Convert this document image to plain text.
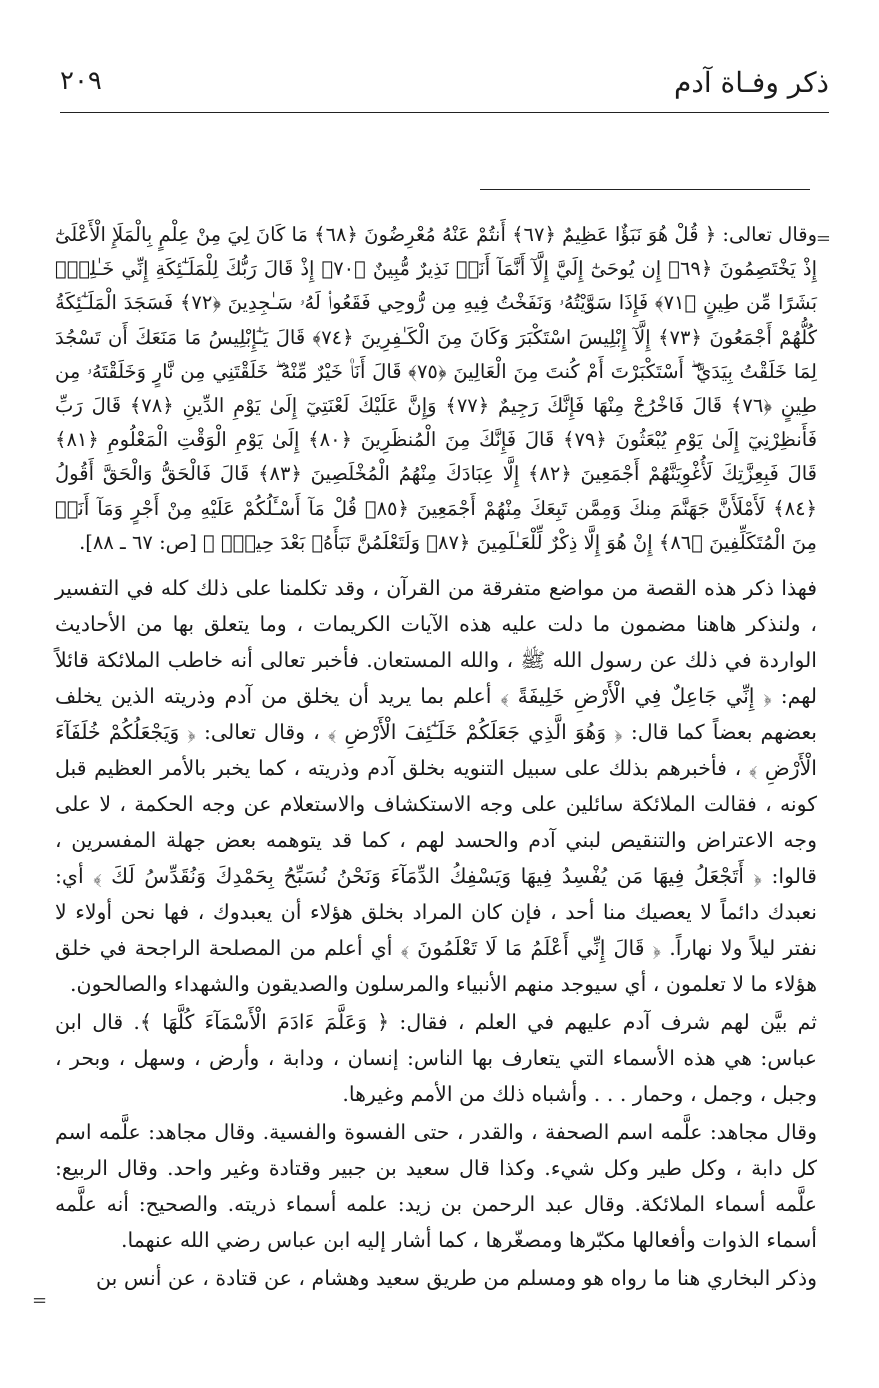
ذكر وفـاة آدم
٢٠٩
=
=

وقال تعالى: ﴿ قُلْ هُوَ نَبَؤٌا عَظِيمٌ ﴿٦٧﴾ أَنتُمْ عَنْهُ مُعْرِضُونَ ﴿٦٨﴾ مَا كَانَ لِيَ مِنْ عِلْمٍ بِالْمَلَإِ الْأَعْلَىٰٓ إِذْ يَخْتَصِمُونَ ﴿٦٩﴾ إِن يُوحَىٰٓ إِلَيَّ إِلَّآ أَنَّمَآ أَنَا۠ نَذِيرٌ مُّبِينٌ ﴿٧٠﴾ إِذْ قَالَ رَبُّكَ لِلْمَلَـٰٓئِكَةِ إِنِّي خَـٰلِقٌۢ بَشَرًا مِّن طِينٍ ﴿٧١﴾ فَإِذَا سَوَّيْتُهُۥ وَنَفَخْتُ فِيهِ مِن رُّوحِي فَقَعُوا۟ لَهُۥ سَـٰجِدِينَ ﴿٧٢﴾ فَسَجَدَ الْمَلَـٰٓئِكَةُ كُلُّهُمْ أَجْمَعُونَ ﴿٧٣﴾ إِلَّآ إِبْلِيسَ اسْتَكْبَرَ وَكَانَ مِنَ الْكَـٰفِرِينَ ﴿٧٤﴾ قَالَ يَـٰٓإِبْلِيسُ مَا مَنَعَكَ أَن تَسْجُدَ لِمَا خَلَقْتُ بِيَدَيَّ ۖ أَسْتَكْبَرْتَ أَمْ كُنتَ مِنَ الْعَالِينَ ﴿٧٥﴾ قَالَ أَنَا۠ خَيْرٌ مِّنْهُ ۖ خَلَقْتَنِي مِن نَّارٍ وَخَلَقْتَهُۥ مِن طِينٍ ﴿٧٦﴾ قَالَ فَاخْرُجْ مِنْهَا فَإِنَّكَ رَجِيمٌ ﴿٧٧﴾ وَإِنَّ عَلَيْكَ لَعْنَتِيٓ إِلَىٰ يَوْمِ الدِّينِ ﴿٧٨﴾ قَالَ رَبِّ فَأَنظِرْنِيٓ إِلَىٰ يَوْمِ يُبْعَثُونَ ﴿٧٩﴾ قَالَ فَإِنَّكَ مِنَ الْمُنظَرِينَ ﴿٨٠﴾ إِلَىٰ يَوْمِ الْوَقْتِ الْمَعْلُومِ ﴿٨١﴾ قَالَ فَبِعِزَّتِكَ لَأُغْوِيَنَّهُمْ أَجْمَعِينَ ﴿٨٢﴾ إِلَّا عِبَادَكَ مِنْهُمُ الْمُخْلَصِينَ ﴿٨٣﴾ قَالَ فَالْحَقُّ وَالْحَقَّ أَقُولُ ﴿٨٤﴾ لَأَمْلَأَنَّ جَهَنَّمَ مِنكَ وَمِمَّن تَبِعَكَ مِنْهُمْ أَجْمَعِينَ ﴿٨٥﴾ قُلْ مَآ أَسْـَٔلُكُمْ عَلَيْهِ مِنْ أَجْرٍ وَمَآ أَنَا۠ مِنَ الْمُتَكَلِّفِينَ ﴿٨٦﴾ إِنْ هُوَ إِلَّا ذِكْرٌ لِّلْعَـٰلَمِينَ ﴿٨٧﴾ وَلَتَعْلَمُنَّ نَبَأَهُۥ بَعْدَ حِينٍۭ ﴾ [ص: ٦٧ ـ ٨٨].

فهذا ذكر هذه القصة من مواضع متفرقة من القرآن ، وقد تكلمنا على ذلك كله في التفسير ، ولنذكر هاهنا مضمون ما دلت عليه هذه الآيات الكريمات ، وما يتعلق بها من الأحاديث الواردة في ذلك عن رسول الله ﷺ ، والله المستعان. فأخبر تعالى أنه خاطب الملائكة قائلاً لهم: ﴿ إِنِّي جَاعِلٌ فِي الْأَرْضِ خَلِيفَةً ﴾ أعلم بما يريد أن يخلق من آدم وذريته الذين يخلف بعضهم بعضاً كما قال: ﴿ وَهُوَ الَّذِي جَعَلَكُمْ خَلَـٰٓئِفَ الْأَرْضِ ﴾ ، وقال تعالى: ﴿ وَيَجْعَلُكُمْ خُلَفَآءَ الْأَرْضِ ﴾ ، فأخبرهم بذلك على سبيل التنويه بخلق آدم وذريته ، كما يخبر بالأمر العظيم قبل كونه ، فقالت الملائكة سائلين على وجه الاستكشاف والاستعلام عن وجه الحكمة ، لا على وجه الاعتراض والتنقيص لبني آدم والحسد لهم ، كما قد يتوهمه بعض جهلة المفسرين ، قالوا: ﴿ أَتَجْعَلُ فِيهَا مَن يُفْسِدُ فِيهَا وَيَسْفِكُ الدِّمَآءَ وَنَحْنُ نُسَبِّحُ بِحَمْدِكَ وَنُقَدِّسُ لَكَ ﴾ أي: نعبدك دائماً لا يعصيك منا أحد ، فإن كان المراد بخلق هؤلاء أن يعبدوك ، فها نحن أولاء لا نفتر ليلاً ولا نهاراً. ﴿ قَالَ إِنِّي أَعْلَمُ مَا لَا تَعْلَمُونَ ﴾ أي أعلم من المصلحة الراجحة في خلق هؤلاء ما لا تعلمون ، أي سيوجد منهم الأنبياء والمرسلون والصديقون والشهداء والصالحون.

ثم بيَّن لهم شرف آدم عليهم في العلم ، فقال: ﴿ وَعَلَّمَ ءَادَمَ الْأَسْمَآءَ كُلَّهَا ﴾. قال ابن عباس: هي هذه الأسماء التي يتعارف بها الناس: إنسان ، ودابة ، وأرض ، وسهل ، وبحر ، وجبل ، وجمل ، وحمار . . . وأشباه ذلك من الأمم وغيرها.

وقال مجاهد: علَّمه اسم الصحفة ، والقدر ، حتى الفسوة والفسية. وقال مجاهد: علَّمه اسم كل دابة ، وكل طير وكل شيء. وكذا قال سعيد بن جبير وقتادة وغير واحد. وقال الربيع: علَّمه أسماء الملائكة. وقال عبد الرحمن بن زيد: علمه أسماء ذريته. والصحيح: أنه علَّمه أسماء الذوات وأفعالها مكبّرها ومصغّرها ، كما أشار إليه ابن عباس رضي الله عنهما.

وذكر البخاري هنا ما رواه هو ومسلم من طريق سعيد وهشام ، عن قتادة ، عن أنس بن
